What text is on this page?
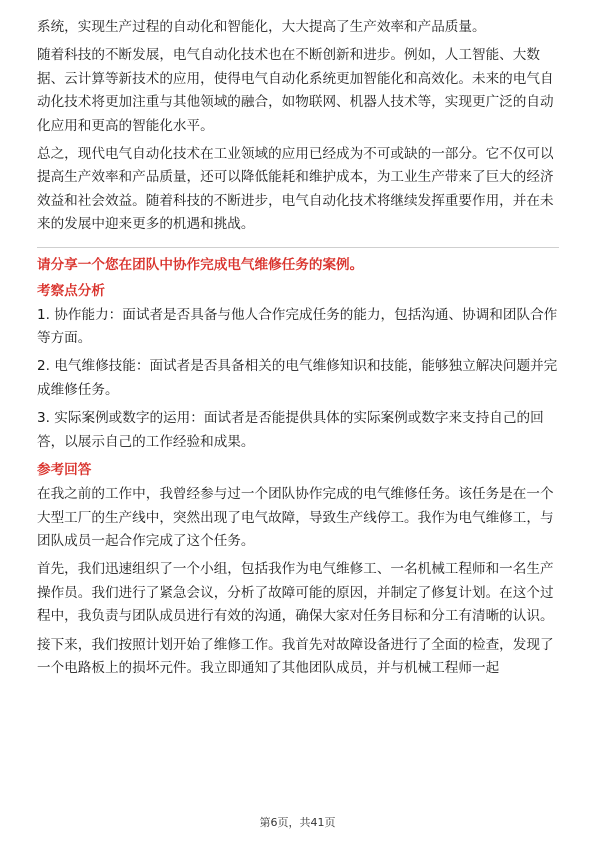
系统，实现生产过程的自动化和智能化，大大提高了生产效率和产品质量。

随着科技的不断发展，电气自动化技术也在不断创新和进步。例如，人工智能、大数据、云计算等新技术的应用，使得电气自动化系统更加智能化和高效化。未来的电气自动化技术将更加注重与其他领域的融合，如物联网、机器人技术等，实现更广泛的自动化应用和更高的智能化水平。

总之，现代电气自动化技术在工业领域的应用已经成为不可或缺的一部分。它不仅可以提高生产效率和产品质量，还可以降低能耗和维护成本，为工业生产带来了巨大的经济效益和社会效益。随着科技的不断进步，电气自动化技术将继续发挥重要作用，并在未来的发展中迎来更多的机遇和挑战。

请分享一个您在团队中协作完成电气维修任务的案例。

考察点分析

1. 协作能力：面试者是否具备与他人合作完成任务的能力，包括沟通、协调和团队合作等方面。

2. 电气维修技能：面试者是否具备相关的电气维修知识和技能，能够独立解决问题并完成维修任务。

3. 实际案例或数字的运用：面试者是否能提供具体的实际案例或数字来支持自己的回答，以展示自己的工作经验和成果。

参考回答

在我之前的工作中，我曾经参与过一个团队协作完成的电气维修任务。该任务是在一个大型工厂的生产线中，突然出现了电气故障，导致生产线停工。我作为电气维修工，与团队成员一起合作完成了这个任务。

首先，我们迅速组织了一个小组，包括我作为电气维修工、一名机械工程师和一名生产操作员。我们进行了紧急会议，分析了故障可能的原因，并制定了修复计划。在这个过程中，我负责与团队成员进行有效的沟通，确保大家对任务目标和分工有清晰的认识。

接下来，我们按照计划开始了维修工作。我首先对故障设备进行了全面的检查，发现了一个电路板上的损坏元件。我立即通知了其他团队成员，并与机械工程师一起

第6页，共41页
